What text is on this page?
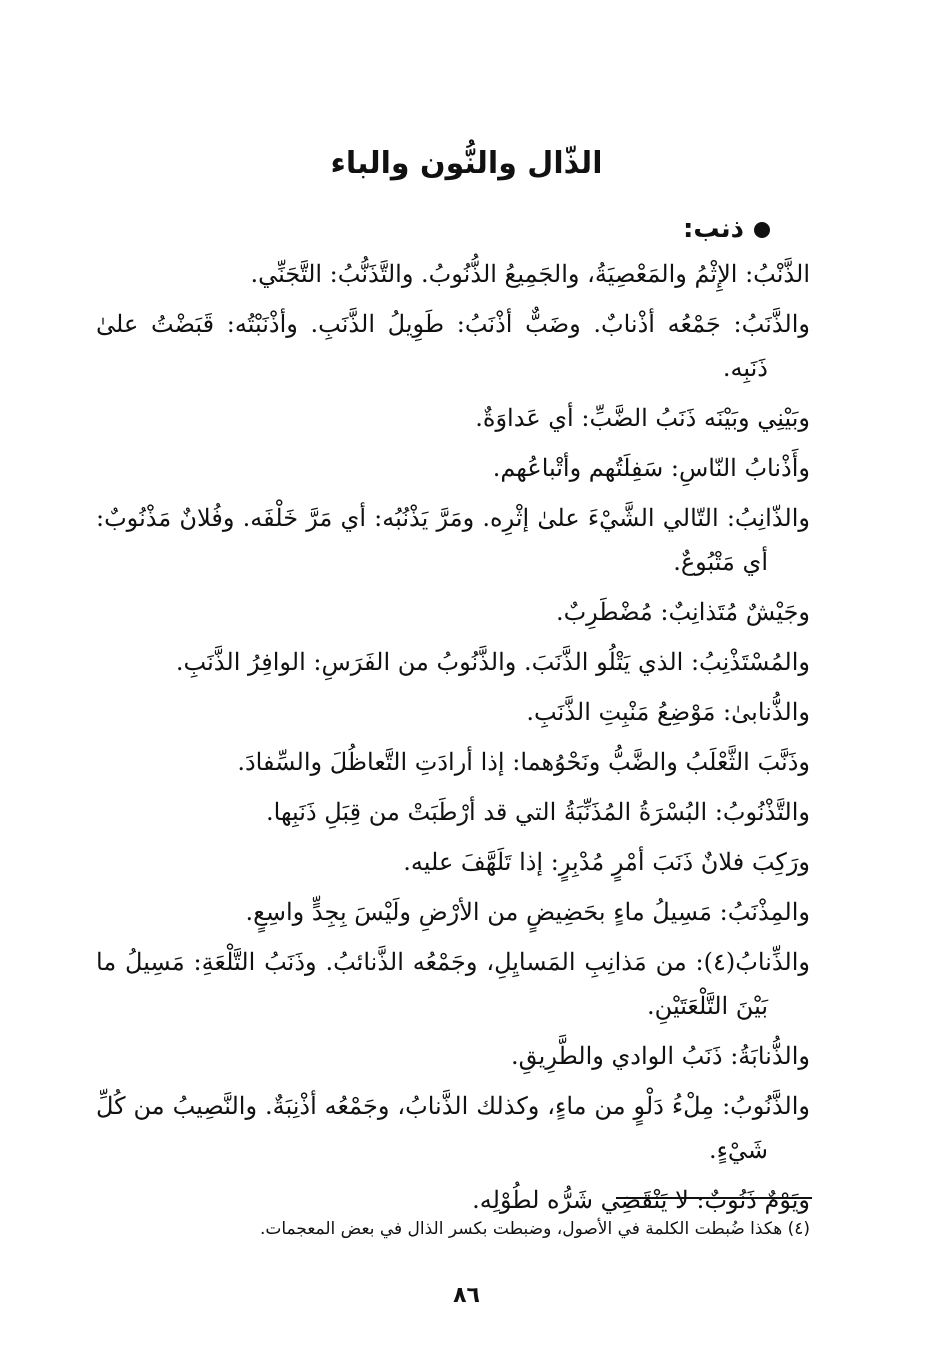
الذّال والنُّون والباء
ذنب:

الذَّنْبُ: الإِثْمُ والمَعْصِيَةُ، والجَمِيعُ الذُّنُوبُ. والتَّذَنُّبُ: التَّجَنِّي.

والذَّنَبُ: جَمْعُه أذْنابٌ. وضَبٌّ أذْنَبُ: طَوِيلُ الذَّنَبِ. وأذْنَبْتُه: قَبَضْتُ علىٰ ذَنَبِه.

وبَيْنِي وبَيْنَه ذَنَبُ الضَّبِّ: أي عَداوَةٌ.

وأَذْنابُ النّاسِ: سَفِلَتُهم وأتْباعُهم.

والذّانِبُ: التّالي الشَّيْءَ علىٰ إثْرِه. ومَرَّ يَذْنُبُه: أي مَرَّ خَلْفَه. وفُلانٌ مَذْنُوبٌ: أي مَتْبُوعٌ.

وجَيْشٌ مُتَذانِبٌ: مُضْطَرِبٌ.

والمُسْتَذْنِبُ: الذي يَتْلُو الذَّنَبَ. والذَّنُوبُ من الفَرَسِ: الوافِرُ الذَّنَبِ.

والذُّنابىٰ: مَوْضِعُ مَنْبِتِ الذَّنَبِ.

وذَنَّبَ الثَّعْلَبُ والضَّبُّ ونَحْوُهما: إذا أرادَتِ التَّعاظُلَ والسِّفادَ.

والتَّذْنُوبُ: البُسْرَةُ المُذَنِّبَةُ التي قد أرْطَبَتْ من قِبَلِ ذَنَبِها.

ورَكِبَ فلانٌ ذَنَبَ أمْرٍ مُدْبِرٍ: إذا تَلَهَّفَ عليه.

والمِذْنَبُ: مَسِيلُ ماءٍ بحَضِيضٍ من الأرْضِ ولَيْسَ بِجِدٍّ واسِعٍ.

والذِّنابُ(٤): من مَذانِبِ المَسايِلِ، وجَمْعُه الذَّنائبُ. وذَنَبُ التَّلْعَةِ: مَسِيلُ ما بَيْنَ التَّلْعَتَيْنِ.

والذُّنابَةُ: ذَنَبُ الوادي والطَّرِيقِ.

والذَّنُوبُ: مِلْءُ دَلْوٍ من ماءٍ، وكذلك الذَّنابُ، وجَمْعُه أذْنِبَةٌ. والنَّصِيبُ من كُلِّ شَيْءٍ.

ويَوْمٌ ذَنُوبٌ: لا يَنْقَضِي شَرُّه لطُوْلِه.

(٤) هكذا ضُبطت الكلمة في الأصول، وضبطت بكسر الذال في بعض المعجمات.
٨٦
